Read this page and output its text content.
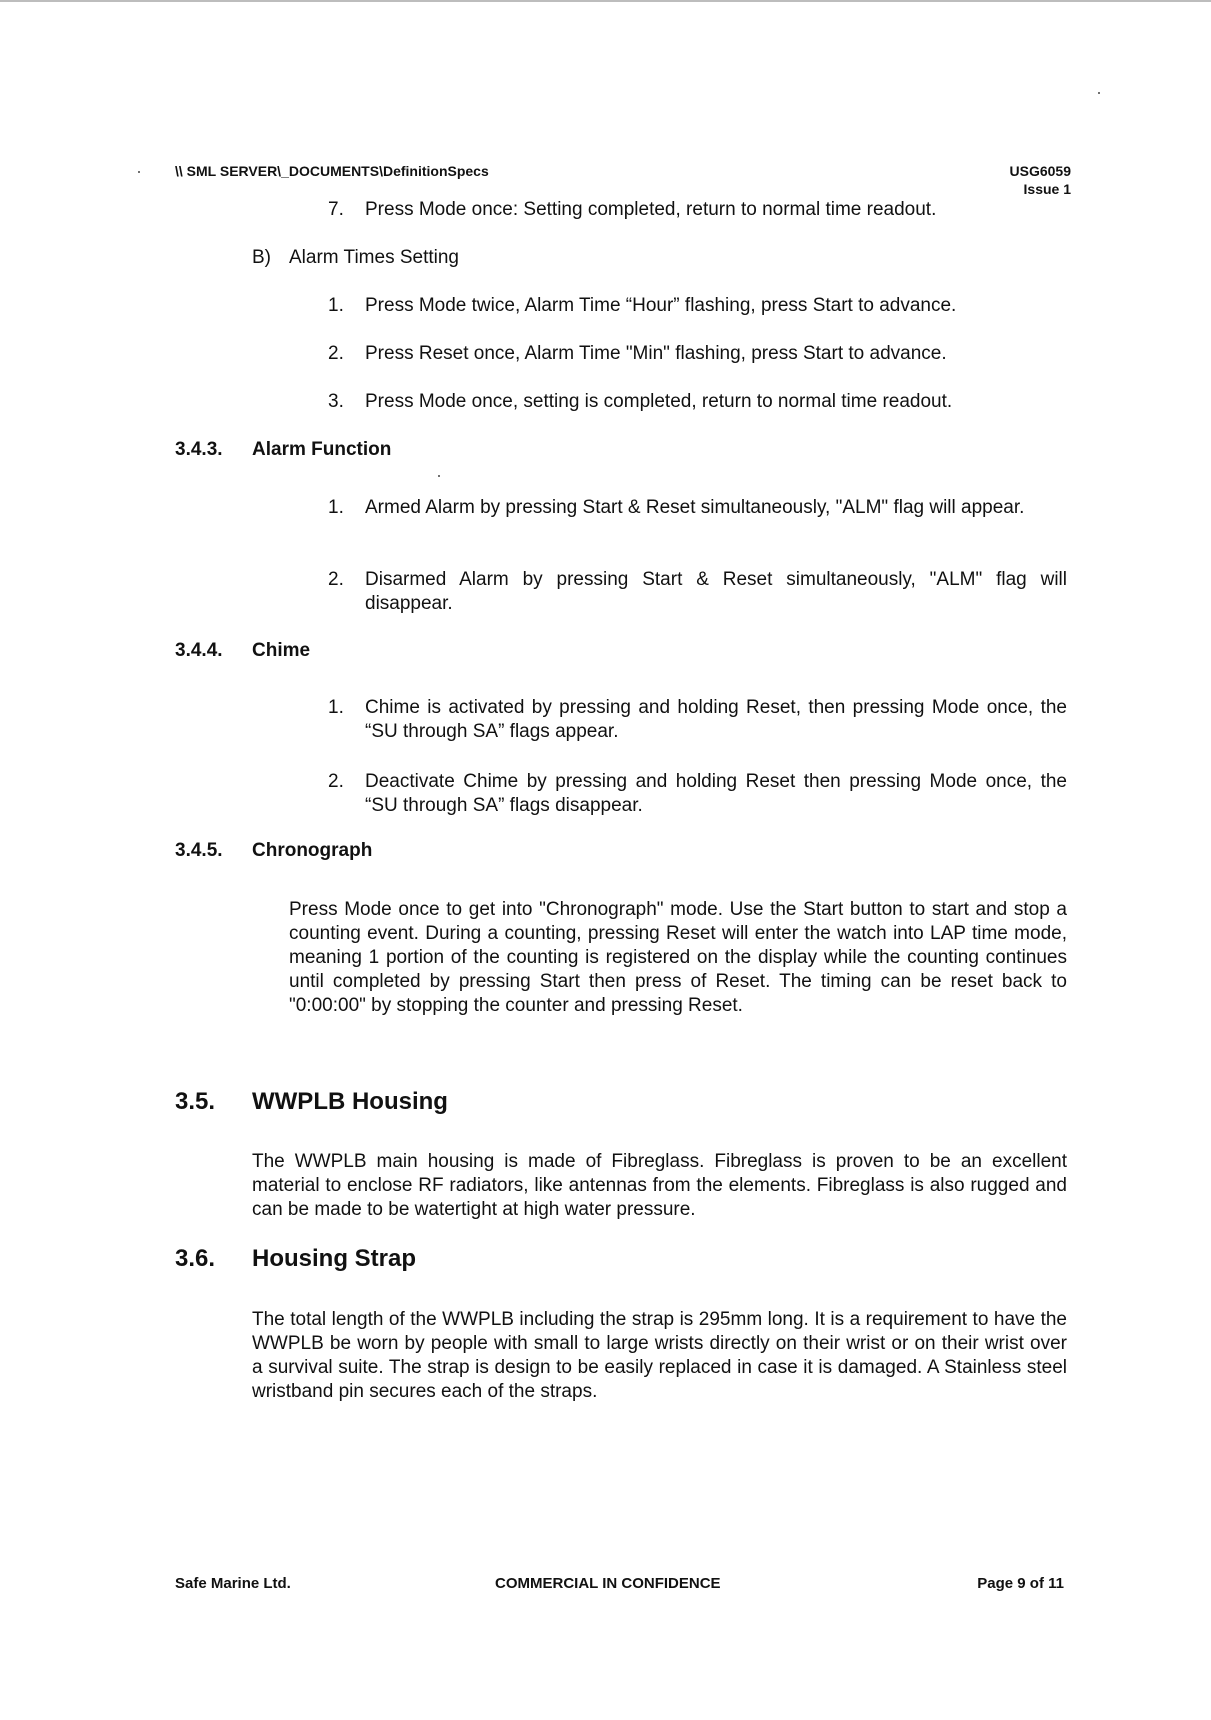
\\ SML SERVER\_DOCUMENTS\DefinitionSpecs	USG6059
Issue 1
7. Press Mode once: Setting completed, return to normal time readout.
B) Alarm Times Setting
1. Press Mode twice, Alarm Time “Hour” flashing, press Start to advance.
2. Press Reset once, Alarm Time "Min" flashing, press Start to advance.
3. Press Mode once, setting is completed, return to normal time readout.
3.4.3. Alarm Function
1. Armed Alarm by pressing Start & Reset simultaneously, "ALM" flag will appear.
2. Disarmed Alarm by pressing Start & Reset simultaneously, "ALM" flag will disappear.
3.4.4. Chime
1. Chime is activated by pressing and holding Reset, then pressing Mode once, the “SU through SA” flags appear.
2. Deactivate Chime by pressing and holding Reset then pressing Mode once, the “SU through SA” flags disappear.
3.4.5. Chronograph
Press Mode once to get into "Chronograph" mode. Use the Start button to start and stop a counting event. During a counting, pressing Reset will enter the watch into LAP time mode, meaning 1 portion of the counting is registered on the display while the counting continues until completed by pressing Start then press of Reset. The timing can be reset back to "0:00:00" by stopping the counter and pressing Reset.
3.5. WWPLB Housing
The WWPLB main housing is made of Fibreglass. Fibreglass is proven to be an excellent material to enclose RF radiators, like antennas from the elements. Fibreglass is also rugged and can be made to be watertight at high water pressure.
3.6. Housing Strap
The total length of the WWPLB including the strap is 295mm long. It is a requirement to have the WWPLB be worn by people with small to large wrists directly on their wrist or on their wrist over a survival suite. The strap is design to be easily replaced in case it is damaged. A Stainless steel wristband pin secures each of the straps.
Safe Marine Ltd.	COMMERCIAL IN CONFIDENCE	Page 9 of 11
